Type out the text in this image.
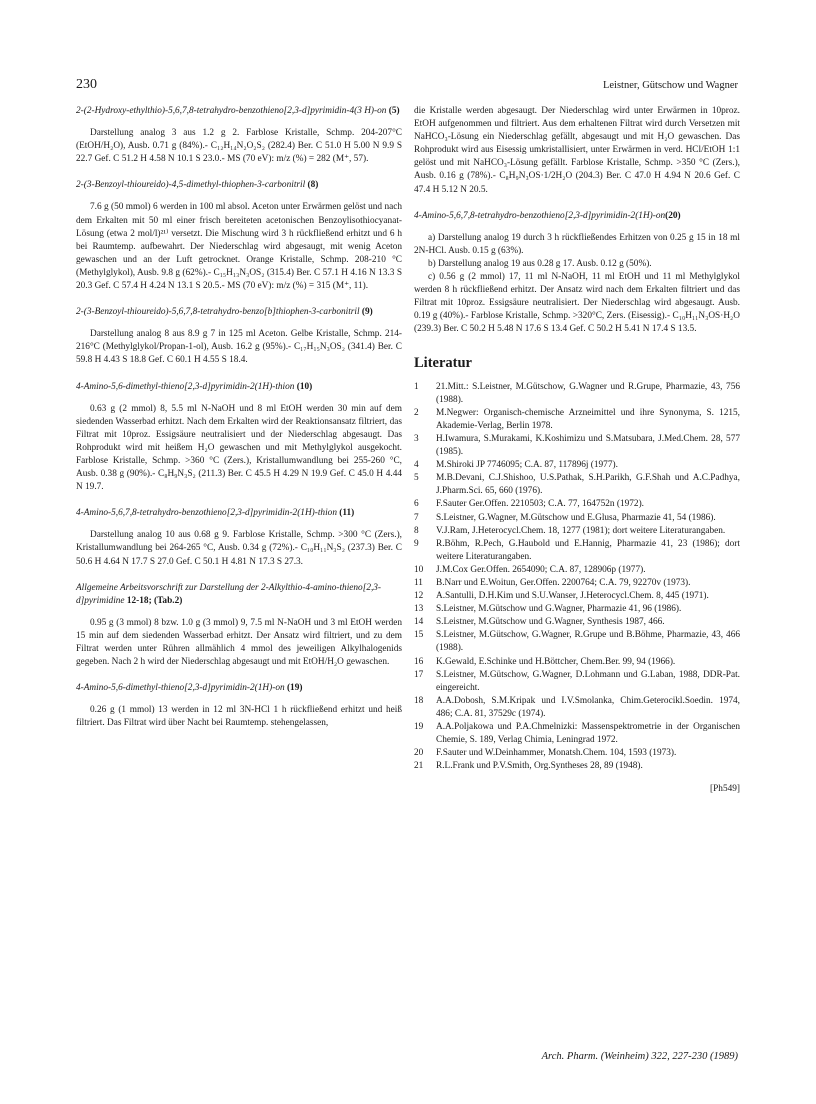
230	Leistner, Gütschow und Wagner
2-(2-Hydroxy-ethylthio)-5,6,7,8-tetrahydro-benzothieno[2,3-d]pyrimidin-4(3 H)-on (5)
Darstellung analog 3 aus 1.2 g 2. Farblose Kristalle, Schmp. 204-207°C (EtOH/H₂O), Ausb. 0.71 g (84%).- C₁₂H₁₄N₂O₂S₂ (282.4) Ber. C 51.0 H 5.00 N 9.9 S 22.7 Gef. C 51.2 H 4.58 N 10.1 S 23.0.- MS (70 eV): m/z (%) = 282 (M⁺, 57).
2-(3-Benzoyl-thioureido)-4,5-dimethyl-thiophen-3-carbonitril (8)
7.6 g (50 mmol) 6 werden in 100 ml absol. Aceton unter Erwärmen gelöst und nach dem Erkalten mit 50 ml einer frisch bereiteten acetonischen Benzoylisothiocyanat-Lösung (etwa 2 mol/l)²¹⁾ versetzt. Die Mischung wird 3 h rückfließend erhitzt und 6 h bei Raumtemp. aufbewahrt. Der Niederschlag wird abgesaugt, mit wenig Aceton gewaschen und an der Luft getrocknet. Orange Kristalle, Schmp. 208-210 °C (Methylglykol), Ausb. 9.8 g (62%).- C₁₅H₁₃N₃OS₂ (315.4) Ber. C 57.1 H 4.16 N 13.3 S 20.3 Gef. C 57.4 H 4.24 N 13.1 S 20.5.- MS (70 eV): m/z (%) = 315 (M⁺, 11).
2-(3-Benzoyl-thioureido)-5,6,7,8-tetrahydro-benzo[b]thiophen-3-carbonitril (9)
Darstellung analog 8 aus 8.9 g 7 in 125 ml Aceton. Gelbe Kristalle, Schmp. 214-216°C (Methylglykol/Propan-1-ol), Ausb. 16.2 g (95%).- C₁₇H₁₅N₃OS₂ (341.4) Ber. C 59.8 H 4.43 S 18.8 Gef. C 60.1 H 4.55 S 18.4.
4-Amino-5,6-dimethyl-thieno[2,3-d]pyrimidin-2(1H)-thion (10)
0.63 g (2 mmol) 8, 5.5 ml N-NaOH und 8 ml EtOH werden 30 min auf dem siedenden Wasserbad erhitzt. Nach dem Erkalten wird der Reaktionsansatz filtriert, das Filtrat mit 10proz. Essigsäure neutralisiert und der Niederschlag abgesaugt. Das Rohprodukt wird mit heißem H₂O gewaschen und mit Methylglykol ausgekocht. Farblose Kristalle, Schmp. >360 °C (Zers.), Kristallumwandlung bei 255-260 °C, Ausb. 0.38 g (90%).- C₈H₉N₃S₂ (211.3) Ber. C 45.5 H 4.29 N 19.9 Gef. C 45.0 H 4.44 N 19.7.
4-Amino-5,6,7,8-tetrahydro-benzothieno[2,3-d]pyrimidin-2(1H)-thion (11)
Darstellung analog 10 aus 0.68 g 9. Farblose Kristalle, Schmp. >300 °C (Zers.), Kristallumwandlung bei 264-265 °C, Ausb. 0.34 g (72%).- C₁₀H₁₁N₃S₂ (237.3) Ber. C 50.6 H 4.64 N 17.7 S 27.0 Gef. C 50.1 H 4.81 N 17.3 S 27.3.
Allgemeine Arbeitsvorschrift zur Darstellung der 2-Alkylthio-4-amino-thieno[2,3-d]pyrimidine 12-18; (Tab.2)
0.95 g (3 mmol) 8 bzw. 1.0 g (3 mmol) 9, 7.5 ml N-NaOH und 3 ml EtOH werden 15 min auf dem siedenden Wasserbad erhitzt. Der Ansatz wird filtriert, und zu dem Filtrat werden unter Rühren allmählich 4 mmol des jeweiligen Alkylhalogenids gegeben. Nach 2 h wird der Niederschlag abgesaugt und mit EtOH/H₂O gewaschen.
4-Amino-5,6-dimethyl-thieno[2,3-d]pyrimidin-2(1H)-on (19)
0.26 g (1 mmol) 13 werden in 12 ml 3N-HCl 1 h rückfließend erhitzt und heiß filtriert. Das Filtrat wird über Nacht bei Raumtemp. stehengelassen,
die Kristalle werden abgesaugt. Der Niederschlag wird unter Erwärmen in 10proz. EtOH aufgenommen und filtriert. Aus dem erhaltenen Filtrat wird durch Versetzen mit NaHCO₃-Lösung ein Niederschlag gefällt, abgesaugt und mit H₂O gewaschen. Das Rohprodukt wird aus Eisessig umkristallisiert, unter Erwärmen in verd. HCl/EtOH 1:1 gelöst und mit NaHCO₃-Lösung gefällt. Farblose Kristalle, Schmp. >350 °C (Zers.), Ausb. 0.16 g (78%).- C₈H₉N₃OS·1/2H₂O (204.3) Ber. C 47.0 H 4.94 N 20.6 Gef. C 47.4 H 5.12 N 20.5.
4-Amino-5,6,7,8-tetrahydro-benzothieno[2,3-d]pyrimidin-2(1H)-on(20)
a) Darstellung analog 19 durch 3 h rückfließendes Erhitzen von 0.25 g 15 in 18 ml 2N-HCl. Ausb. 0.15 g (63%).
b) Darstellung analog 19 aus 0.28 g 17. Ausb. 0.12 g (50%).
c) 0.56 g (2 mmol) 17, 11 ml N-NaOH, 11 ml EtOH und 11 ml Methylglykol werden 8 h rückfließend erhitzt. Der Ansatz wird nach dem Erkalten filtriert und das Filtrat mit 10proz. Essigsäure neutralisiert. Der Niederschlag wird abgesaugt. Ausb. 0.19 g (40%).- Farblose Kristalle, Schmp. >320°C, Zers. (Eisessig).- C₁₀H₁₁N₃OS·H₂O (239.3) Ber. C 50.2 H 5.48 N 17.6 S 13.4 Gef. C 50.2 H 5.41 N 17.4 S 13.5.
Literatur
1	21.Mitt.: S.Leistner, M.Gütschow, G.Wagner und R.Grupe, Pharmazie, 43, 756 (1988).
2	M.Negwer: Organisch-chemische Arzneimittel und ihre Synonyma, S. 1215, Akademie-Verlag, Berlin 1978.
3	H.Iwamura, S.Murakami, K.Koshimizu und S.Matsubara, J.Med.Chem. 28, 577 (1985).
4	M.Shiroki JP 7746095; C.A. 87, 117896j (1977).
5	M.B.Devani, C.J.Shishoo, U.S.Pathak, S.H.Parikh, G.F.Shah und A.C.Padhya, J.Pharm.Sci. 65, 660 (1976).
6	F.Sauter Ger.Offen. 2210503; C.A. 77, 164752n (1972).
7	S.Leistner, G.Wagner, M.Gütschow und E.Glusa, Pharmazie 41, 54 (1986).
8	V.J.Ram, J.Heterocycl.Chem. 18, 1277 (1981); dort weitere Literaturangaben.
9	R.Böhm, R.Pech, G.Haubold und E.Hannig, Pharmazie 41, 23 (1986); dort weitere Literaturangaben.
10	J.M.Cox Ger.Offen. 2654090; C.A. 87, 128906p (1977).
11	B.Narr und E.Woitun, Ger.Offen. 2200764; C.A. 79, 92270v (1973).
12	A.Santulli, D.H.Kim und S.U.Wanser, J.Heterocycl.Chem. 8, 445 (1971).
13	S.Leistner, M.Gütschow und G.Wagner, Pharmazie 41, 96 (1986).
14	S.Leistner, M.Gütschow und G.Wagner, Synthesis 1987, 466.
15	S.Leistner, M.Gütschow, G.Wagner, R.Grupe und B.Böhme, Pharmazie, 43, 466 (1988).
16	K.Gewald, E.Schinke und H.Böttcher, Chem.Ber. 99, 94 (1966).
17	S.Leistner, M.Gütschow, G.Wagner, D.Lohmann und G.Laban, 1988, DDR-Pat. eingereicht.
18	A.A.Dobosh, S.M.Kripak und I.V.Smolanka, Chim.Geterocikl.Soedin. 1974, 486; C.A. 81, 37529c (1974).
19	A.A.Poljakowa und P.A.Chmelnizki: Massenspektrometrie in der Organischen Chemie, S. 189, Verlag Chimia, Leningrad 1972.
20	F.Sauter und W.Deinhammer, Monatsh.Chem. 104, 1593 (1973).
21	R.L.Frank und P.V.Smith, Org.Syntheses 28, 89 (1948).
[Ph549]
Arch. Pharm. (Weinheim) 322, 227-230 (1989)
